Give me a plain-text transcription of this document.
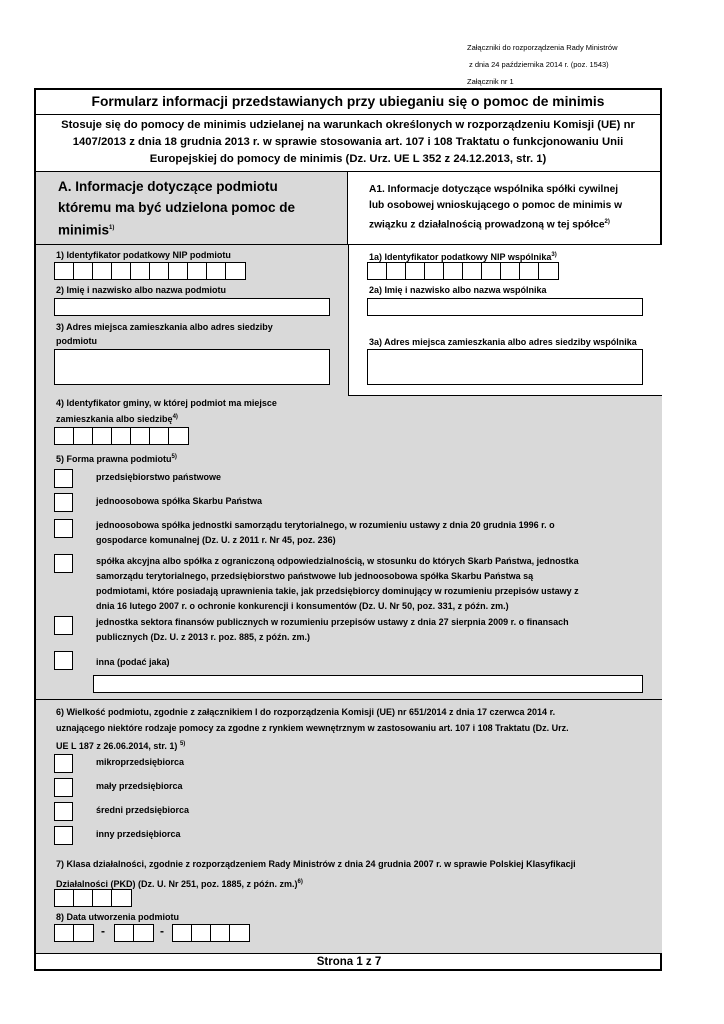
Załączniki do rozporządzenia Rady Ministrów
z dnia 24 października 2014 r. (poz. 1543)
Załącznik nr 1
Formularz informacji przedstawianych przy ubieganiu się o pomoc de minimis
Stosuje się do pomocy de minimis udzielanej na warunkach określonych w rozporządzeniu Komisji (UE) nr
1407/2013 z dnia 18 grudnia 2013 r. w sprawie stosowania art. 107 i 108 Traktatu o funkcjonowaniu Unii
Europejskiej do pomocy de minimis (Dz. Urz. UE L 352 z 24.12.2013, str. 1)
A. Informacje dotyczące podmiotu
któremu ma być udzielona pomoc de
minimis$^{1)}$
A1. Informacje dotyczące wspólnika spółki cywilnej
lub osobowej wnioskującego o pomoc de minimis w
związku z działalnością prowadzoną w tej spółce$^{2)}$
1) Identyfikator podatkowy NIP podmiotu	1a) Identyfikator podatkowy NIP wspólnika$^{3)}$
2) Imię i nazwisko albo nazwa podmiotu	2a) Imię i nazwisko albo nazwa wspólnika
3) Adres miejsca zamieszkania albo adres siedziby
podmiotu	3a) Adres miejsca zamieszkania albo adres siedziby wspólnika
4) Identyfikator gminy, w której podmiot ma miejsce
zamieszkania albo siedzibę$^{4)}$
5) Forma prawna podmiotu$^{5)}$
przedsiębiorstwo państwowe
jednoosobowa spółka Skarbu Państwa
jednoosobowa spółka jednostki samorządu terytorialnego, w rozumieniu ustawy z dnia 20 grudnia 1996 r. o
gospodarce komunalnej (Dz. U. z 2011 r. Nr 45, poz. 236)
spółka akcyjna albo spółka z ograniczoną odpowiedzialnością, w stosunku do których Skarb Państwa, jednostka
samorządu terytorialnego, przedsiębiorstwo państwowe lub jednoosobowa spółka Skarbu Państwa są
podmiotami, które posiadają uprawnienia takie, jak przedsiębiorcy dominujący w rozumieniu przepisów ustawy z
dnia 16 lutego 2007 r. o ochronie konkurencji i konsumentów (Dz. U. Nr 50, poz. 331, z późn. zm.)
jednostka sektora finansów publicznych w rozumieniu przepisów ustawy z dnia 27 sierpnia 2009 r. o finansach
publicznych (Dz. U. z 2013 r. poz. 885, z późn. zm.)
inna (podać jaka)
6) Wielkość podmiotu, zgodnie z załącznikiem I do rozporządzenia Komisji (UE) nr 651/2014 z dnia 17 czerwca 2014 r.
uznającego niektóre rodzaje pomocy za zgodne z rynkiem wewnętrznym w zastosowaniu art. 107 i 108 Traktatu (Dz. Urz.
UE L 187 z 26.06.2014, str. 1) $^{5)}$
mikroprzedsiębiorca
mały przedsiębiorca
średni przedsiębiorca
inny przedsiębiorca
7) Klasa działalności, zgodnie z rozporządzeniem Rady Ministrów z dnia 24 grudnia 2007 r. w sprawie Polskiej Klasyfikacji
Działalności (PKD) (Dz. U. Nr 251, poz. 1885, z późn. zm.)$^{6)}$
8) Data utworzenia podmiotu
-	-
Strona 1 z 7
